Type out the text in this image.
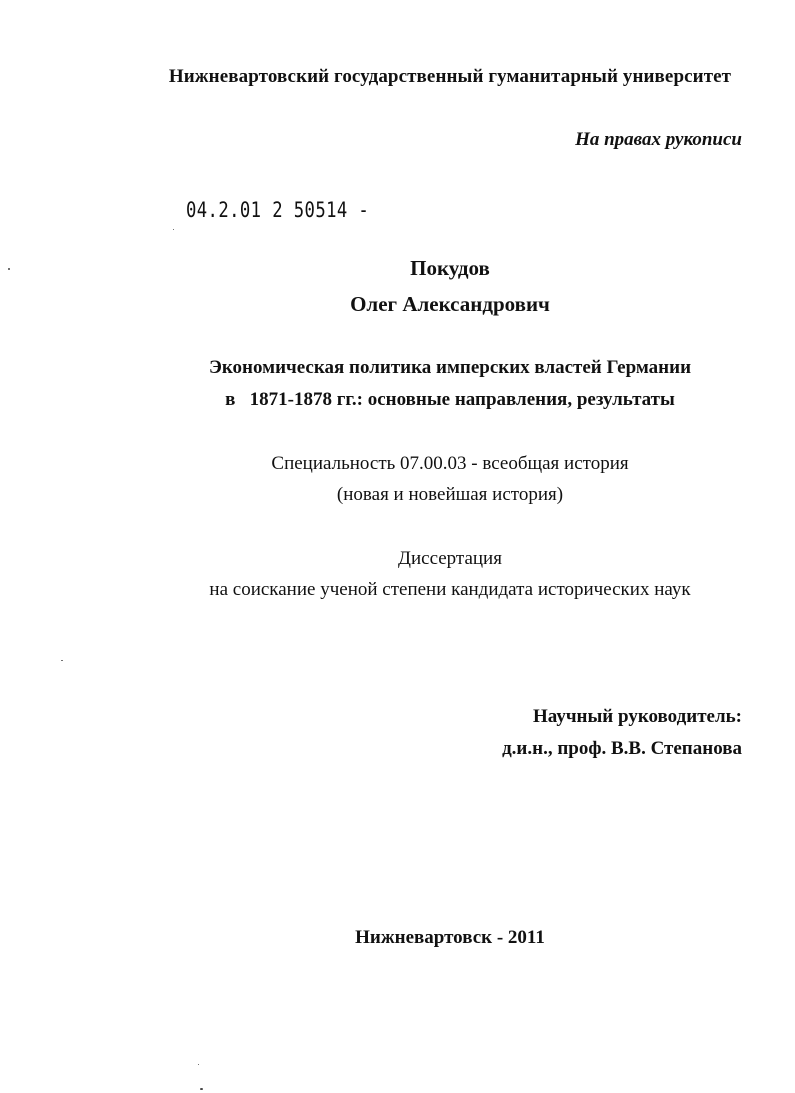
Нижневартовский государственный гуманитарный университет
На правах рукописи
04.2.01 2 50514 -
Покудов
Олег Александрович
Экономическая политика имперских властей Германии
в   1871-1878 гг.: основные направления, результаты
Специальность 07.00.03 - всеобщая история
(новая и новейшая история)
Диссертация
на соискание ученой степени кандидата исторических наук
Научный руководитель:
д.и.н., проф. В.В. Степанова
Нижневартовск - 2011
